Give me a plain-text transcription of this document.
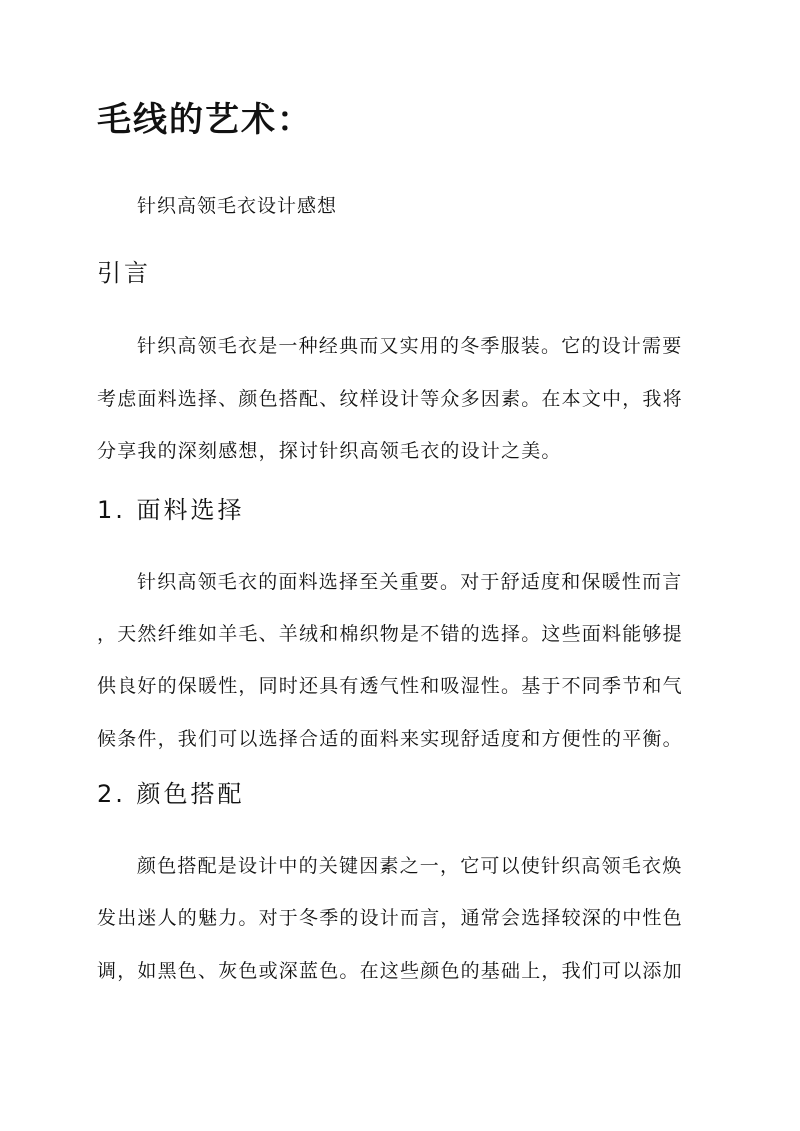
毛线的艺术：

针织高领毛衣设计感想

引言
针织高领毛衣是一种经典而又实用的冬季服装。它的设计需要
考虑面料选择、颜色搭配、纹样设计等众多因素。在本文中，我将
分享我的深刻感想，探讨针织高领毛衣的设计之美。
1. 面料选择
针织高领毛衣的面料选择至关重要。对于舒适度和保暖性而言
，天然纤维如羊毛、羊绒和棉织物是不错的选择。这些面料能够提
供良好的保暖性，同时还具有透气性和吸湿性。基于不同季节和气
候条件，我们可以选择合适的面料来实现舒适度和方便性的平衡。
2. 颜色搭配
颜色搭配是设计中的关键因素之一，它可以使针织高领毛衣焕
发出迷人的魅力。对于冬季的设计而言，通常会选择较深的中性色
调，如黑色、灰色或深蓝色。在这些颜色的基础上，我们可以添加
